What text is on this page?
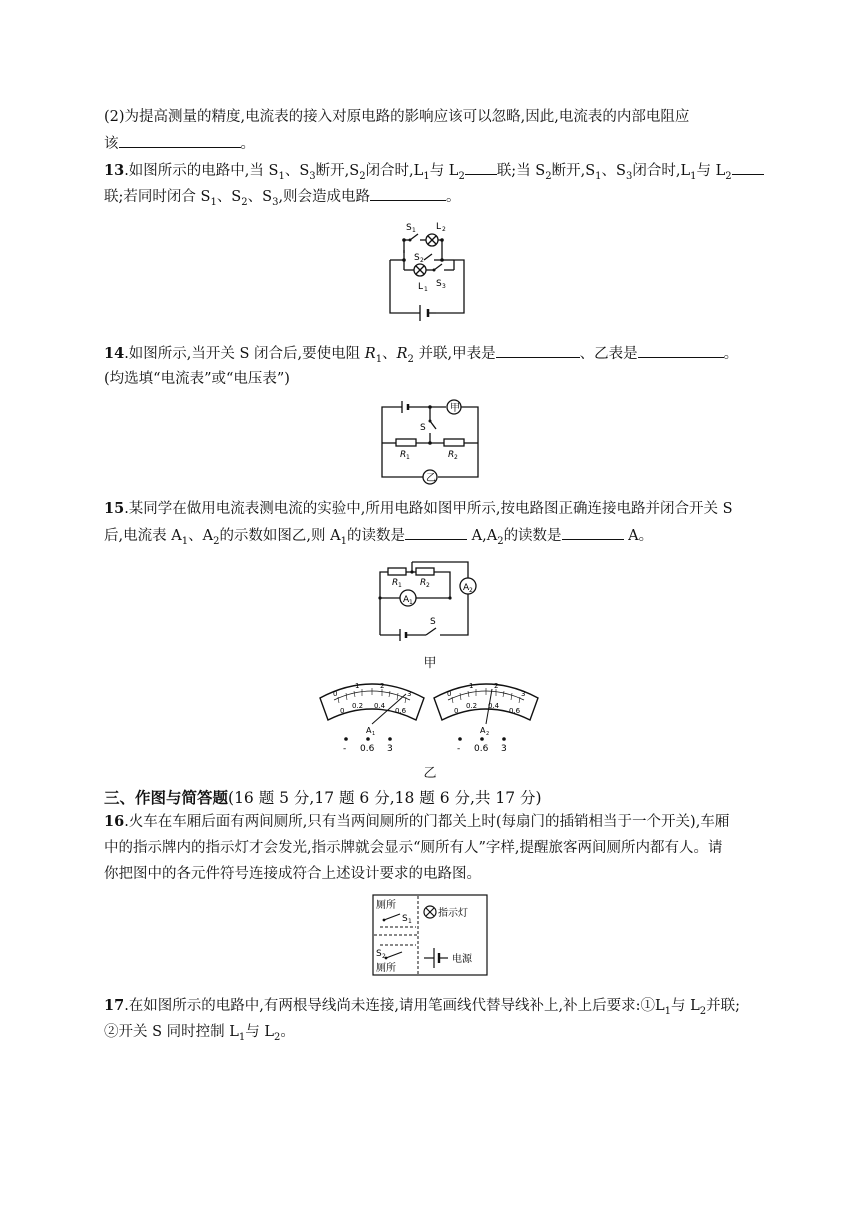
(2)为提高测量的精度,电流表的接入对原电路的影响应该可以忽略,因此,电流表的内部电阻应
该	。
13.如图所示的电路中,当 $S_1$、$S_3$断开$,S_2$闭合时$,L_1$与 $L_2$ 联;当 $S_2$断开$,S_1$、$S_3$闭合时$,L_1$与 $L_2$
联;若同时闭合 $S_1$、$S_2$、$S_3$,则会造成电路	。
S 1 L 2
S 2
S 3
L 1
14.如图所示,当开关 S 闭合后,要使电阻 $R_1$、$R_2$ 并联,甲表是	、乙表是	。
(均选填“电流表”或“电压表”)
甲
乙
S
R 1	R 2
15.某同学在做用电流表测电流的实验中,所用电路如图甲所示,按电路图正确连接电路并闭合开关 S
后,电流表 $A_1$、$A_2$的示数如图乙,则 $A_1$的读数是	$A,A_2$的读数是	A。
R 1 R 2
A 1
A 2
S
甲
0
1	2
3
0
0.2 0.4
0.6
A 1
- 0.6 3
0
1	2
3
0
0.2 0.4
0.6
A 2
- 0.6 3
乙
三、作图与简答题(16 题 5 分,17 题 6 分,18 题 6 分,共 17 分)
16.火车在车厢后面有两间厕所,只有当两间厕所的门都关上时(每扇门的插销相当于一个开关),车厢
中的指示牌内的指示灯才会发光,指示牌就会显示“厕所有人”字样,提醒旅客两间厕所内都有人。请
你把图中的各元件符号连接成符合上述设计要求的电路图。
厕所
S 1
指示灯
S 2
厕所
电源
17.在如图所示的电路中,有两根导线尚未连接,请用笔画线代替导线补上,补上后要求$:①L_1$与 $L_2$并联;
②开关 S 同时控制 $L_1$与 $L_2$。
